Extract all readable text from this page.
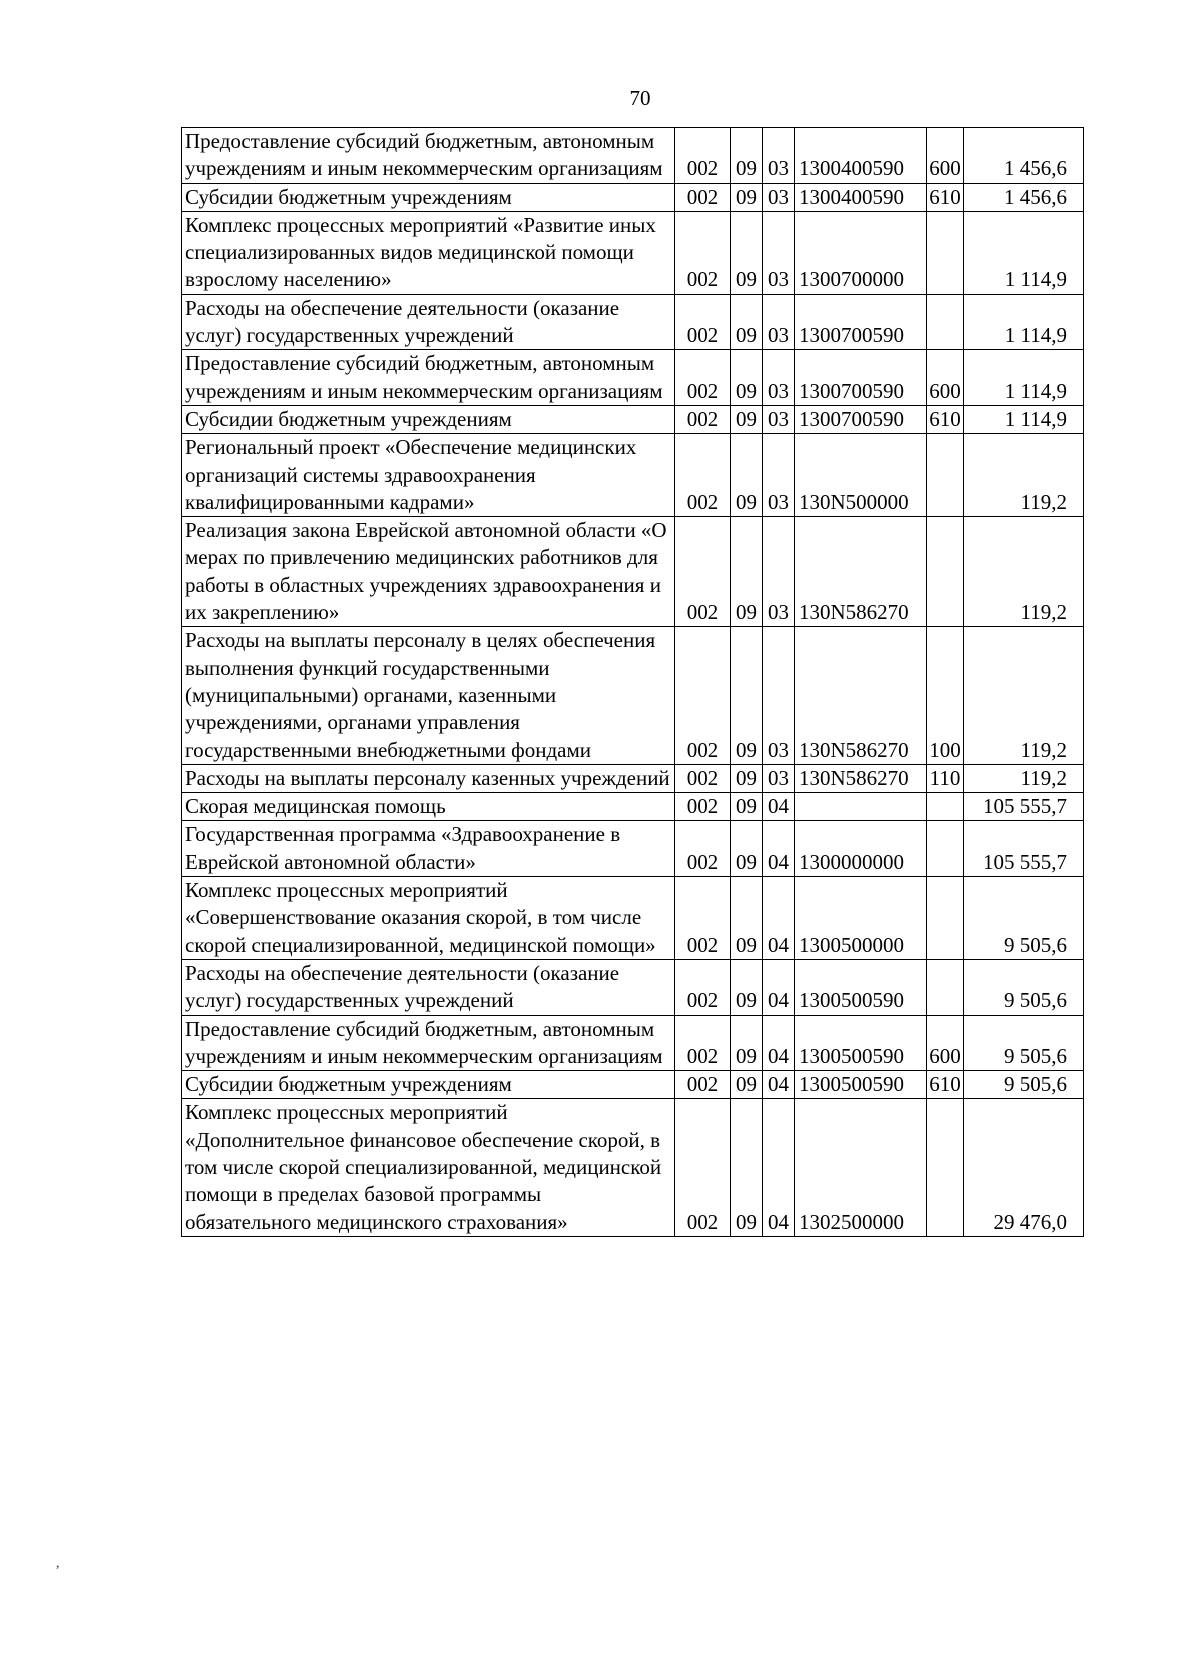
70
Предоставление субсидий бюджетным, автономным учреждениям и иным некоммерческим организациям	002	09	03	1300400590	600	1 456,6
Субсидии бюджетным учреждениям	002	09	03	1300400590	610	1 456,6
Комплекс процессных мероприятий «Развитие иных специализированных видов медицинской помощи взрослому населению»	002	09	03	1300700000		1 114,9
Расходы на обеспечение деятельности (оказание услуг) государственных учреждений	002	09	03	1300700590		1 114,9
Предоставление субсидий бюджетным, автономным учреждениям и иным некоммерческим организациям	002	09	03	1300700590	600	1 114,9
Субсидии бюджетным учреждениям	002	09	03	1300700590	610	1 114,9
Региональный проект «Обеспечение медицинских организаций системы здравоохранения квалифицированными кадрами»	002	09	03	130N500000		119,2
Реализация закона Еврейской автономной области «О мерах по привлечению медицинских работников для работы в областных учреждениях здравоохранения и их закреплению»	002	09	03	130N586270		119,2
Расходы на выплаты персоналу в целях обеспечения выполнения функций государственными (муниципальными) органами, казенными учреждениями, органами управления государственными внебюджетными фондами	002	09	03	130N586270	100	119,2
Расходы на выплаты персоналу казенных учреждений	002	09	03	130N586270	110	119,2
Скорая медицинская помощь	002	09	04			105 555,7
Государственная программа «Здравоохранение в Еврейской автономной области»	002	09	04	1300000000		105 555,7
Комплекс процессных мероприятий «Совершенствование оказания скорой, в том числе скорой специализированной, медицинской помощи»	002	09	04	1300500000		9 505,6
Расходы на обеспечение деятельности (оказание услуг) государственных учреждений	002	09	04	1300500590		9 505,6
Предоставление субсидий бюджетным, автономным учреждениям и иным некоммерческим организациям	002	09	04	1300500590	600	9 505,6
Субсидии бюджетным учреждениям	002	09	04	1300500590	610	9 505,6
Комплекс процессных мероприятий «Дополнительное финансовое обеспечение скорой, в том числе скорой специализированной, медицинской помощи в пределах базовой программы обязательного медицинского страхования»	002	09	04	1302500000		29 476,0
,
